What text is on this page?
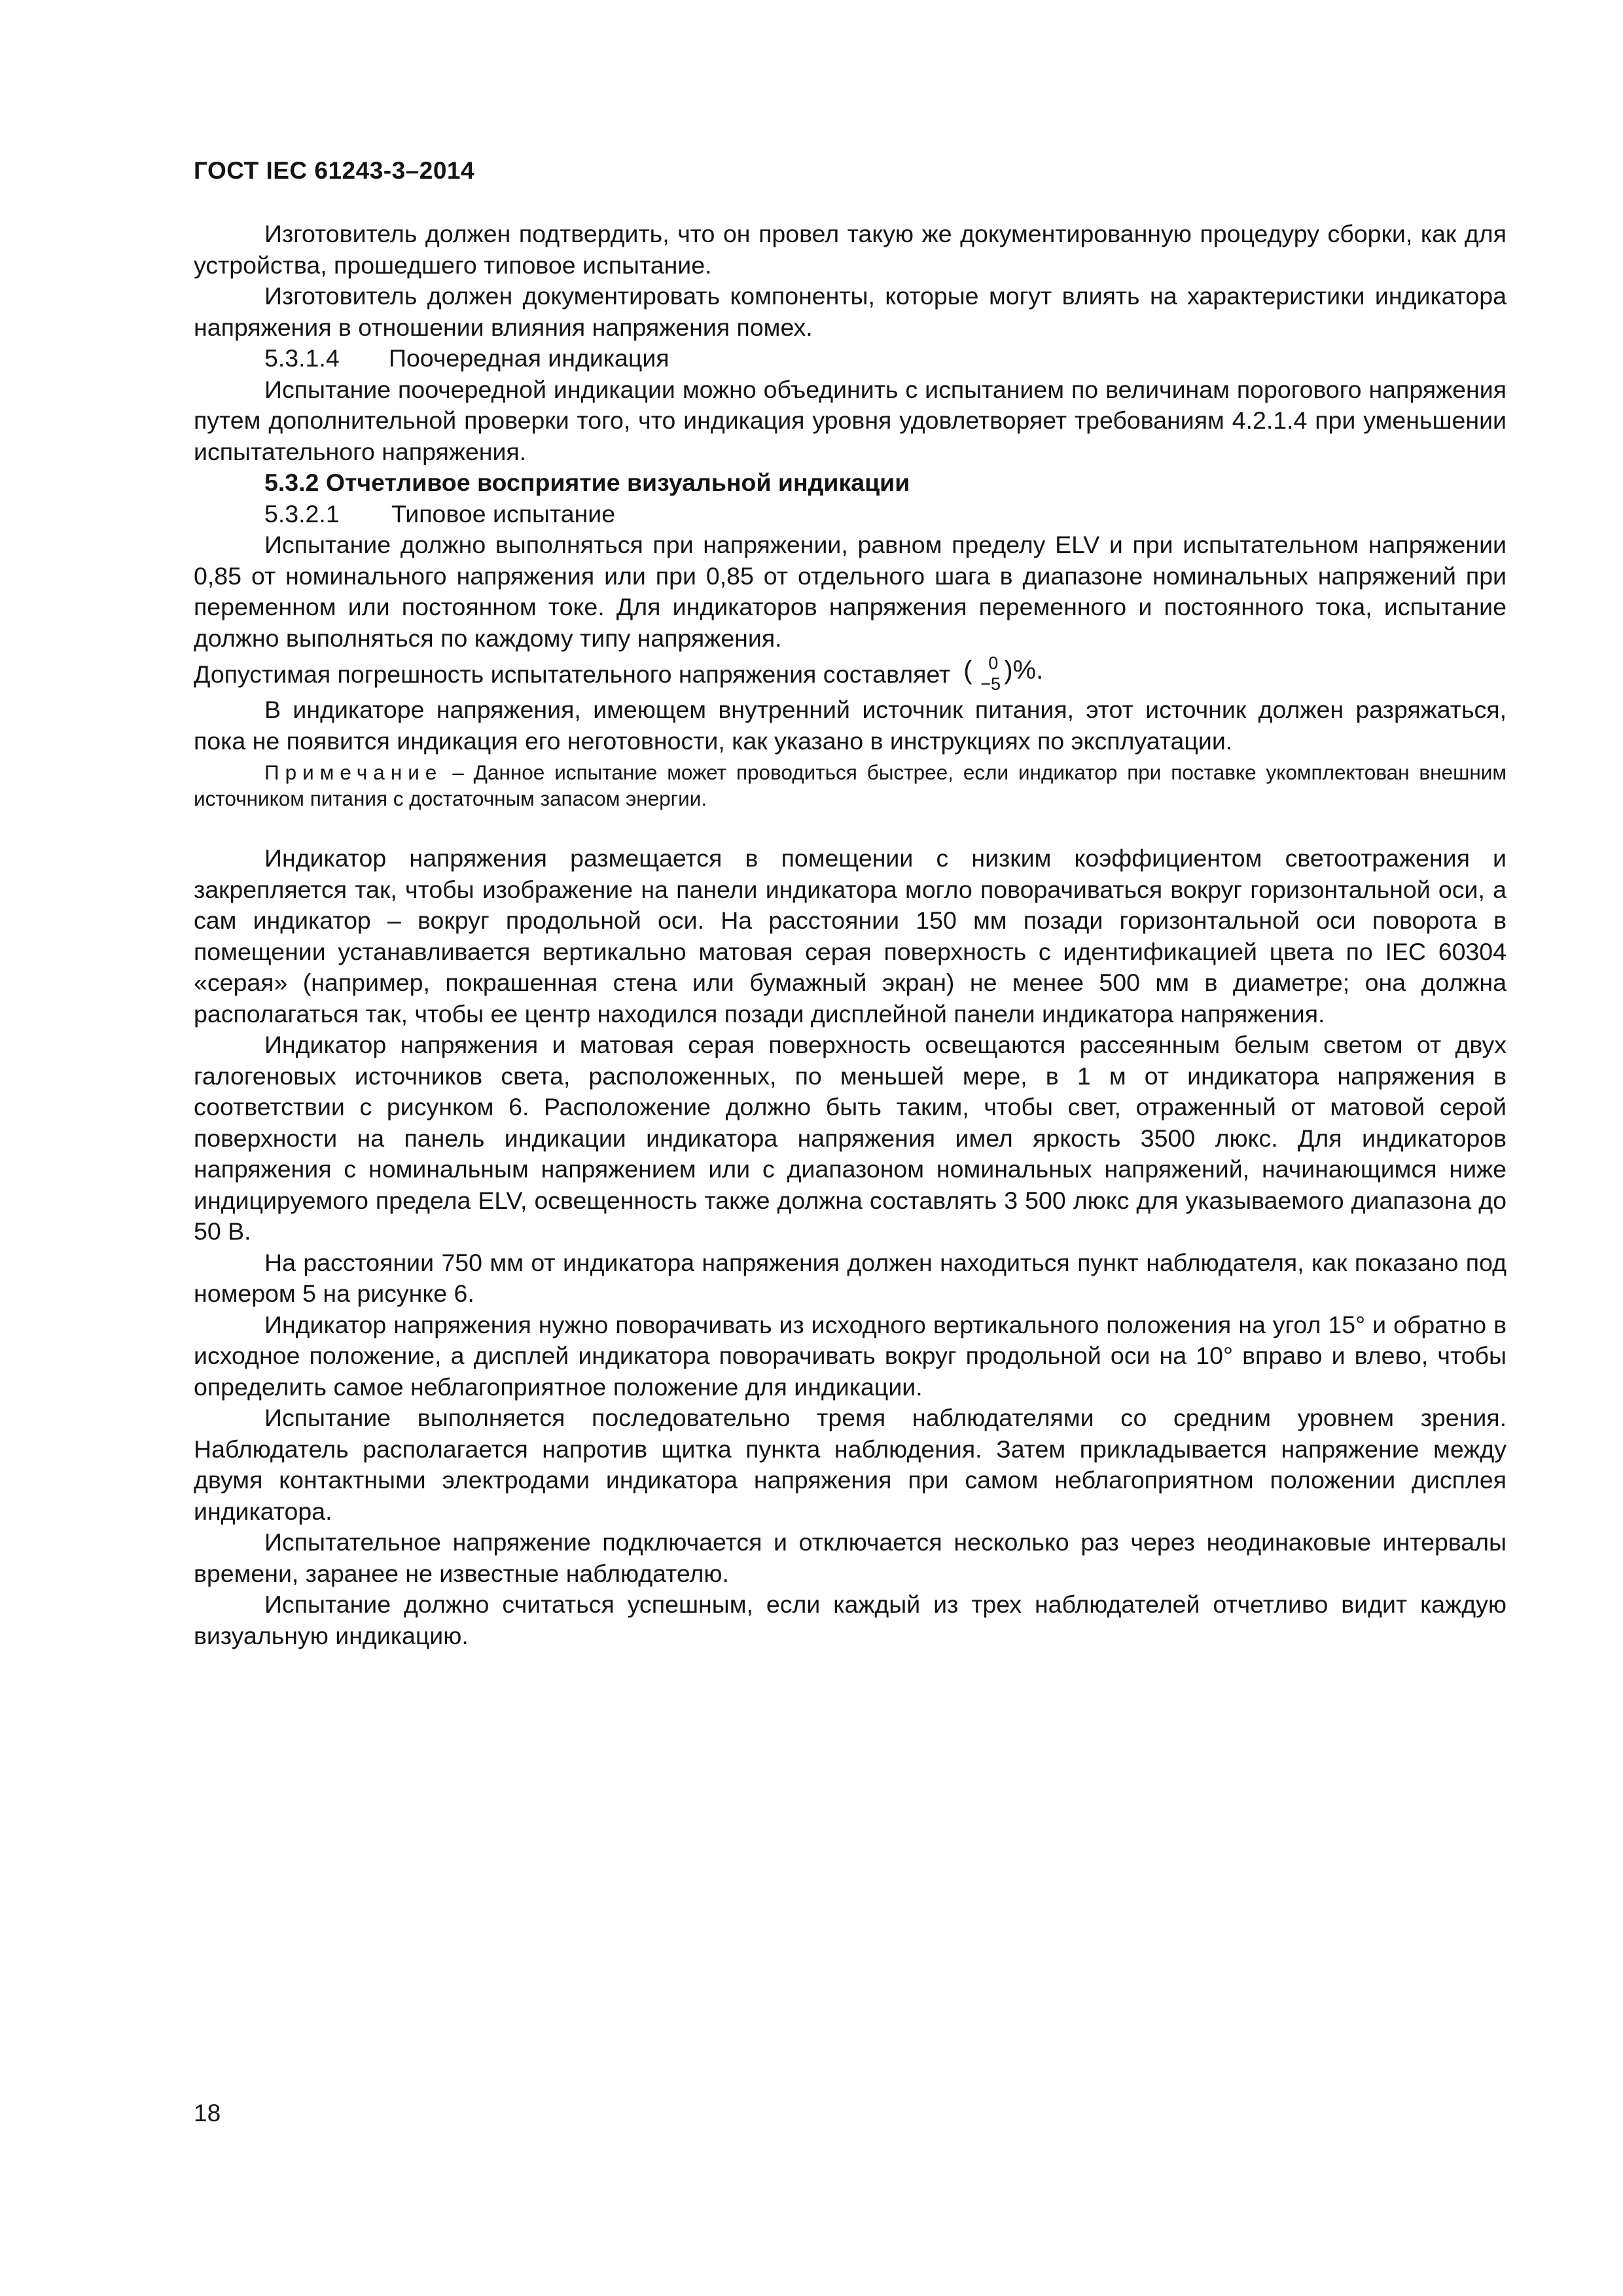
ГОСТ IEC 61243-3–2014

Изготовитель должен подтвердить, что он провел такую же документированную процедуру сборки, как для устройства, прошедшего типовое испытание.

Изготовитель должен документировать компоненты, которые могут влиять на характеристики индикатора напряжения в отношении влияния напряжения помех.

5.3.1.4 Поочередная индикация

Испытание поочередной индикации можно объединить с испытанием по величинам порогового напряжения путем дополнительной проверки того, что индикация уровня удовлетворяет требованиям 4.2.1.4 при уменьшении испытательного напряжения.

5.3.2 Отчетливое восприятие визуальной индикации

5.3.2.1 Типовое испытание

Испытание должно выполняться при напряжении, равном пределу ELV и при испытательном напряжении 0,85 от номинального напряжения или при 0,85 от отдельного шага в диапазоне номинальных напряжений при переменном или постоянном токе. Для индикаторов напряжения переменного и постоянного тока, испытание должно выполняться по каждому типу напряжения.

Допустимая погрешность испытательного напряжения составляет ( 0
−5 )%.

В индикаторе напряжения, имеющем внутренний источник питания, этот источник должен разряжаться, пока не появится индикация его неготовности, как указано в инструкциях по эксплуатации.

Примечание – Данное испытание может проводиться быстрее, если индикатор при поставке укомплектован внешним источником питания с достаточным запасом энергии.

Индикатор напряжения размещается в помещении с низким коэффициентом светоотражения и закрепляется так, чтобы изображение на панели индикатора могло поворачиваться вокруг горизонтальной оси, а сам индикатор – вокруг продольной оси. На расстоянии 150 мм позади горизонтальной оси поворота в помещении устанавливается вертикально матовая серая поверхность с идентификацией цвета по IEC 60304 «серая» (например, покрашенная стена или бумажный экран) не менее 500 мм в диаметре; она должна располагаться так, чтобы ее центр находился позади дисплейной панели индикатора напряжения.

Индикатор напряжения и матовая серая поверхность освещаются рассеянным белым светом от двух галогеновых источников света, расположенных, по меньшей мере, в 1 м от индикатора напряжения в соответствии с рисунком 6. Расположение должно быть таким, чтобы свет, отраженный от матовой серой поверхности на панель индикации индикатора напряжения имел яркость 3500 люкс. Для индикаторов напряжения с номинальным напряжением или с диапазоном номинальных напряжений, начинающимся ниже индицируемого предела ELV, освещенность также должна составлять 3 500 люкс для указываемого диапазона до 50 В.

На расстоянии 750 мм от индикатора напряжения должен находиться пункт наблюдателя, как показано под номером 5 на рисунке 6.

Индикатор напряжения нужно поворачивать из исходного вертикального положения на угол 15° и обратно в исходное положение, а дисплей индикатора поворачивать вокруг продольной оси на 10° вправо и влево, чтобы определить самое неблагоприятное положение для индикации.

Испытание выполняется последовательно тремя наблюдателями со средним уровнем зрения. Наблюдатель располагается напротив щитка пункта наблюдения. Затем прикладывается напряжение между двумя контактными электродами индикатора напряжения при самом неблагоприятном положении дисплея индикатора.

Испытательное напряжение подключается и отключается несколько раз через неодинаковые интервалы времени, заранее не известные наблюдателю.

Испытание должно считаться успешным, если каждый из трех наблюдателей отчетливо видит каждую визуальную индикацию.

18
